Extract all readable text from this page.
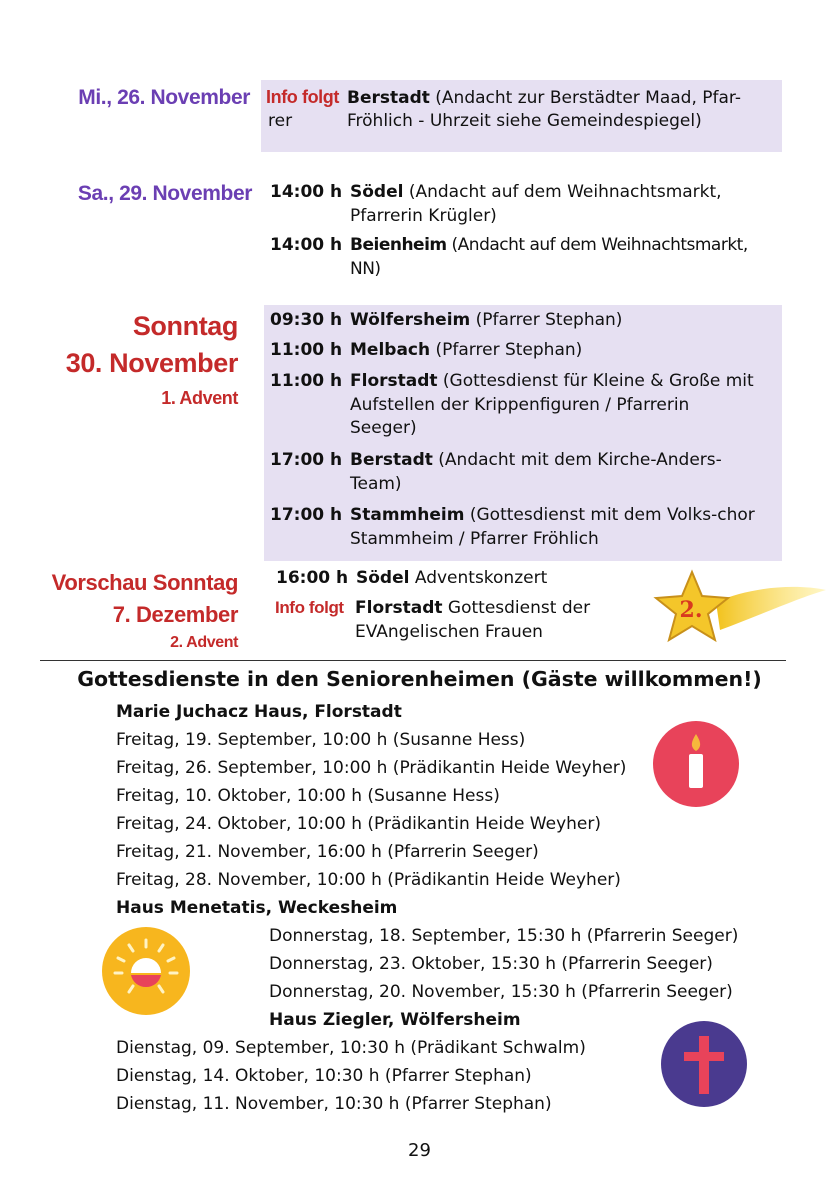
Mi., 26. November Info folgt Berstadt (Andacht zur Berstädter Maad, Pfar-
rer	Fröhlich - Uhrzeit siehe Gemeindespiegel)
Sa., 29. November 14:00 h Södel (Andacht auf dem Weihnachtsmarkt, Pfarrerin Krügler)
14:00 h Beienheim (Andacht auf dem Weihnachtsmarkt, NN)
Sonntag
30. November
1. Advent
09:30 h Wölfersheim (Pfarrer Stephan)
11:00 h Melbach (Pfarrer Stephan)
11:00 h Florstadt (Gottesdienst für Kleine & Große mit Aufstellen der Krippenfiguren / Pfarrerin Seeger)
17:00 h Berstadt (Andacht mit dem Kirche-Anders-Team)
17:00 h Stammheim (Gottesdienst mit dem Volks-chor Stammheim / Pfarrer Fröhlich
Vorschau Sonntag
7. Dezember
2. Advent
16:00 h Södel Adventskonzert
Info folgt Florstadt Gottesdienst der EVAngelischen Frauen
2.
Gottesdienste in den Seniorenheimen (Gäste willkommen!)
Marie Juchacz Haus, Florstadt
Freitag, 19. September, 10:00 h (Susanne Hess)
Freitag, 26. September, 10:00 h (Prädikantin Heide Weyher)
Freitag, 10. Oktober, 10:00 h (Susanne Hess)
Freitag, 24. Oktober, 10:00 h (Prädikantin Heide Weyher)
Freitag, 21. November, 16:00 h (Pfarrerin Seeger)
Freitag, 28. November, 10:00 h (Prädikantin Heide Weyher)
Haus Menetatis, Weckesheim
Donnerstag, 18. September, 15:30 h (Pfarrerin Seeger)
Donnerstag, 23. Oktober, 15:30 h (Pfarrerin Seeger)
Donnerstag, 20. November, 15:30 h (Pfarrerin Seeger)
Haus Ziegler, Wölfersheim
Dienstag, 09. September, 10:30 h (Prädikant Schwalm)
Dienstag, 14. Oktober, 10:30 h (Pfarrer Stephan)
Dienstag, 11. November, 10:30 h (Pfarrer Stephan)
29
